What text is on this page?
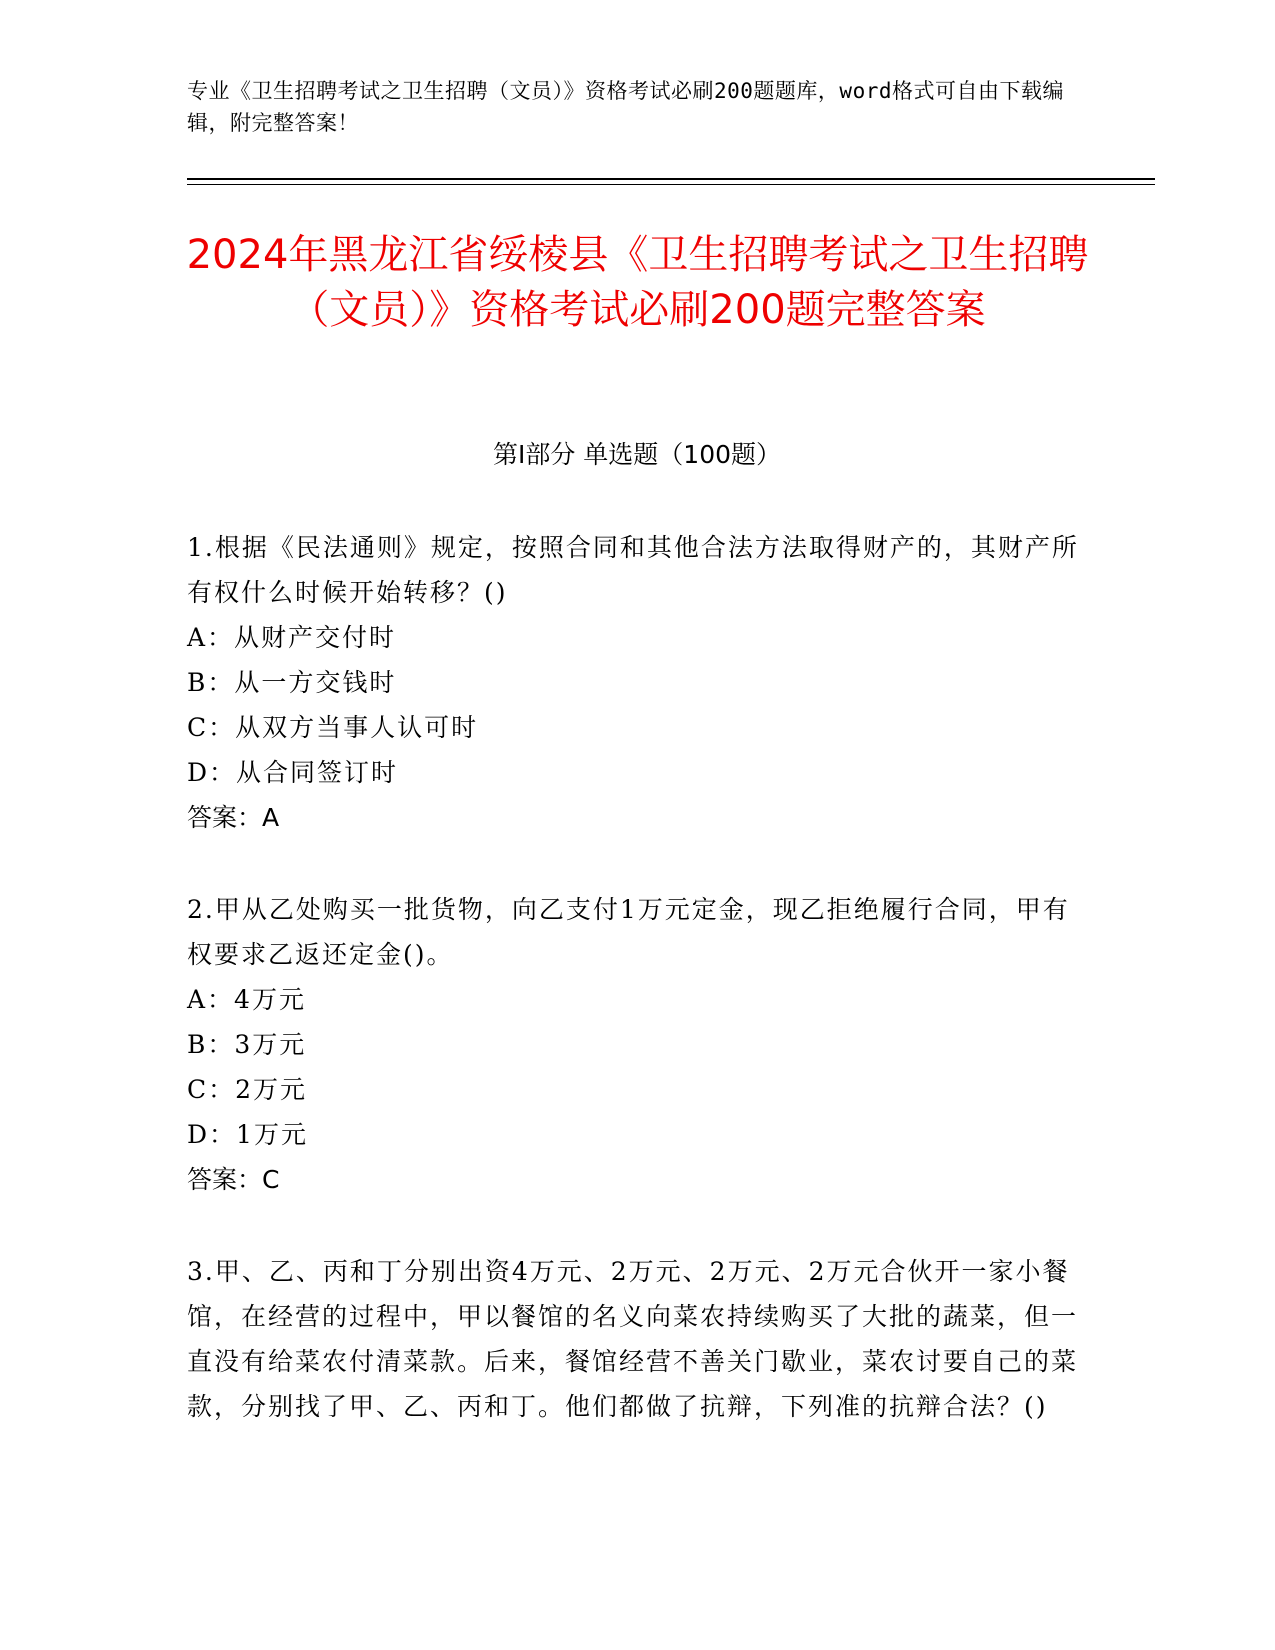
专业《卫生招聘考试之卫生招聘（文员）》资格考试必刷200题题库，word格式可自由下载编辑，附完整答案！
2024年黑龙江省绥棱县《卫生招聘考试之卫生招聘（文员）》资格考试必刷200题完整答案
第I部分 单选题（100题）

1.根据《民法通则》规定，按照合同和其他合法方法取得财产的，其财产所有权什么时候开始转移？()

A：从财产交付时

B：从一方交钱时

C：从双方当事人认可时

D：从合同签订时

答案：A

2.甲从乙处购买一批货物，向乙支付1万元定金，现乙拒绝履行合同，甲有权要求乙返还定金()。

A：4万元

B：3万元

C：2万元

D：1万元

答案：C

3.甲、乙、丙和丁分别出资4万元、2万元、2万元、2万元合伙开一家小餐馆，在经营的过程中，甲以餐馆的名义向菜农持续购买了大批的蔬菜，但一直没有给菜农付清菜款。后来，餐馆经营不善关门歇业，菜农讨要自己的菜款，分别找了甲、乙、丙和丁。他们都做了抗辩，下列准的抗辩合法？()
